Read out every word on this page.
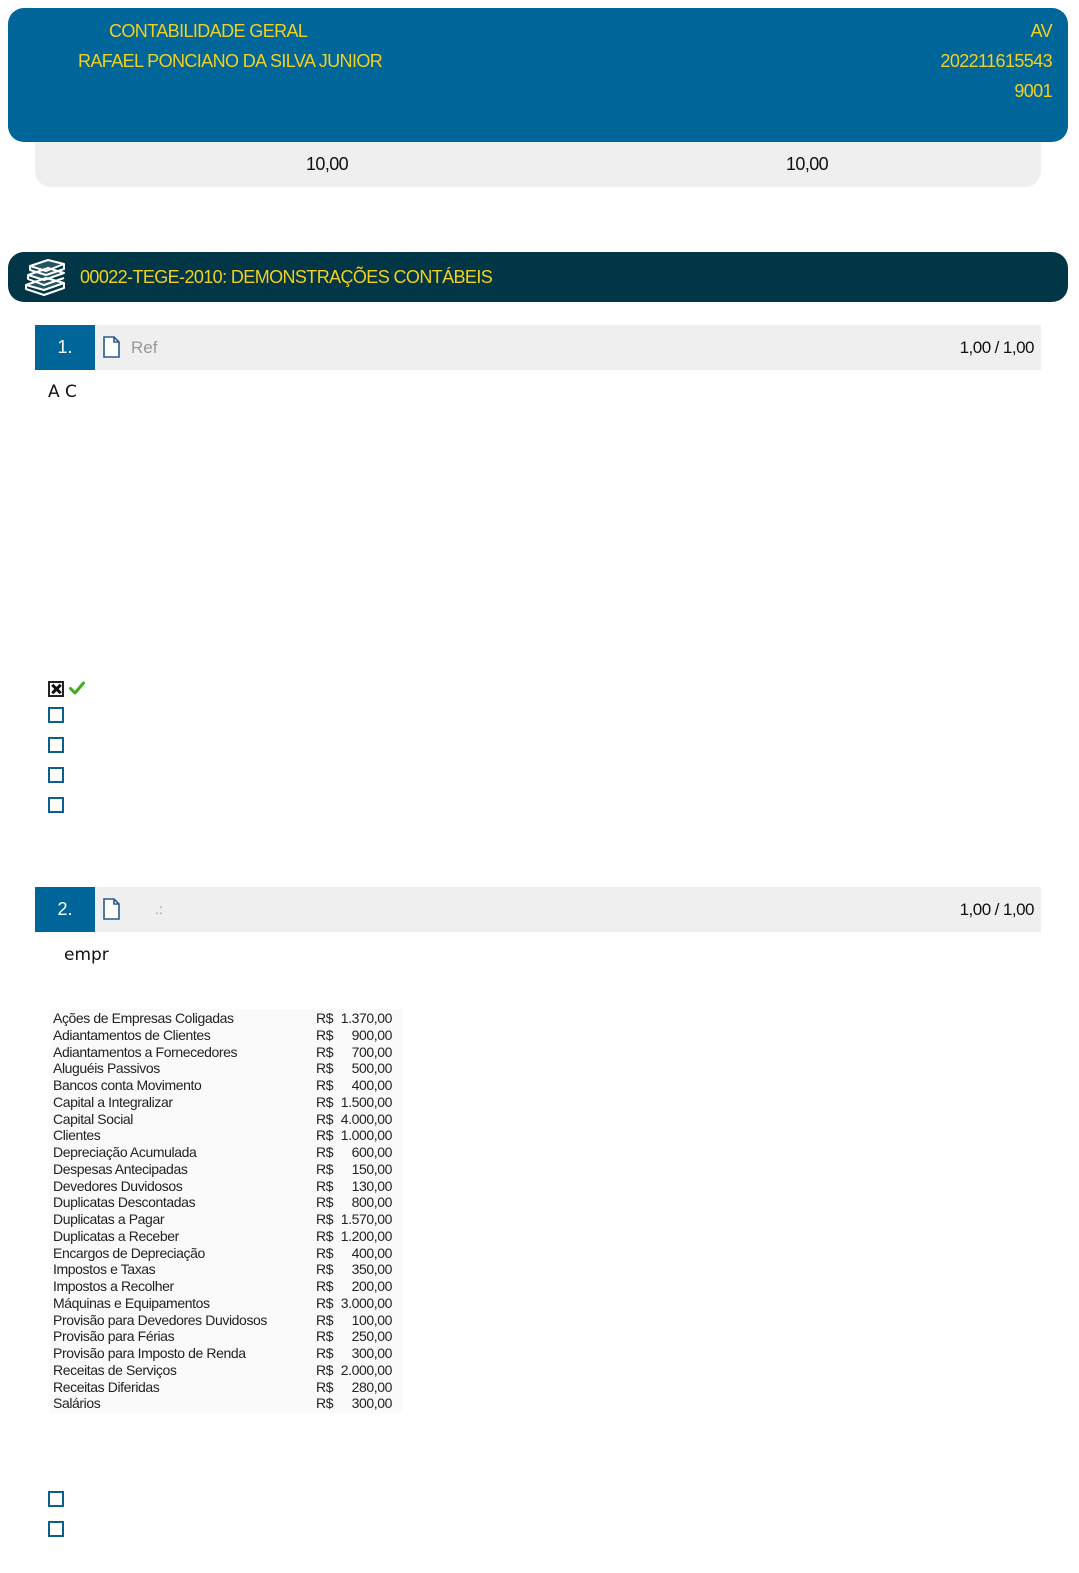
CONTABILIDADE GERAL
RAFAEL PONCIANO DA SILVA JUNIOR
AV
202211615543
9001
10,00	10,00
00022-TEGE-2010: DEMONSTRAÇÕES CONTÁBEIS
1.	Ref	1,00 / 1,00
A C
2.	.:	1,00 / 1,00
empr
Ações de Empresas Coligadas	R$ 1.370,00
Adiantamentos de Clientes	R$ 900,00
Adiantamentos a Fornecedores	R$ 700,00
Aluguéis Passivos	R$ 500,00
Bancos conta Movimento	R$ 400,00
Capital a Integralizar	R$ 1.500,00
Capital Social	R$ 4.000,00
Clientes	R$ 1.000,00
Depreciação Acumulada	R$ 600,00
Despesas Antecipadas	R$ 150,00
Devedores Duvidosos	R$ 130,00
Duplicatas Descontadas	R$ 800,00
Duplicatas a Pagar	R$ 1.570,00
Duplicatas a Receber	R$ 1.200,00
Encargos de Depreciação	R$ 400,00
Impostos e Taxas	R$ 350,00
Impostos a Recolher	R$ 200,00
Máquinas e Equipamentos	R$ 3.000,00
Provisão para Devedores Duvidosos	R$ 100,00
Provisão para Férias	R$ 250,00
Provisão para Imposto de Renda	R$ 300,00
Receitas de Serviços	R$ 2.000,00
Receitas Diferidas	R$ 280,00
Salários	R$ 300,00
